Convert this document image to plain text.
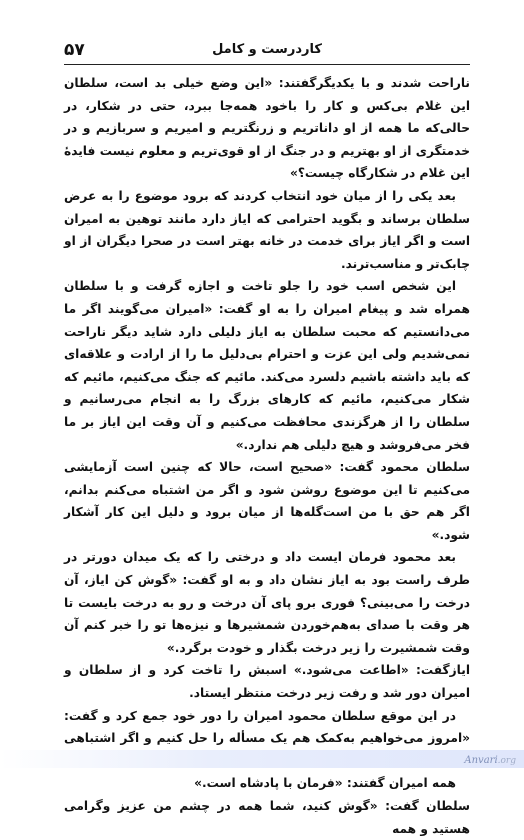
۵۷	کاردرست و کامل

ناراحت شدند و با یکدیگرگفتند: «این وضع خیلی بد است، سلطان این غلام بی‌کس و کار را باخود همه‌جا ببرد، حتی در شکار، در حالی‌که ما همه از او داناتریم و زرنگتریم و امیریم و سرباز‌یم و در خدمتگری از او بهتریم و در جنگ از او قوی‌تریم و معلوم نیست فایدهٔ این غلام در شکارگاه چیست؟»

بعد یکی را از میان خود انتخاب کردند که برود موضوع را به عرض سلطان برساند و بگوید احترامی که ایاز دارد مانند توهین به امیران است و اگر ایاز برای خدمت در خانه بهتر است در صحرا دیگران از او چابک‌تر و مناسب‌ترند.

این شخص اسب خود را جلو تاخت و اجازه گرفت و با سلطان همراه شد و پیغام امیران را به او گفت: «امیران می‌گویند اگر ما می‌دانستیم که محبت سلطان به ایاز دلیلی دارد شاید دیگر ناراحت نمی‌شدیم ولی این عزت و احترام بی‌دلیل ما را از ارادت و علاقه‌ای که باید داشته باشیم دلسرد می‌کند. مائیم که جنگ می‌کنیم، مائیم که شکار می‌کنیم، مائیم که کارهای بزرگ را به انجام می‌رسانیم و سلطان را از هرگزندی محافظت می‌کنیم و آن وقت این ایاز بر ما فخر می‌فروشد و هیچ دلیلی هم ندارد.»

سلطان محمود گفت: «صحیح است، حالا که چنین است آزمایشی می‌کنیم تا این موضوع روشن شود و اگر من اشتباه می‌کنم بدانم، اگر هم حق با من است‌گله‌ها از میان برود و دلیل این کار آشکار شود.»

بعد محمود فرمان ایست داد و درختی را که یک میدان دورتر در طرف راست بود به ایاز نشان داد و به او گفت: «گوش کن ایاز، آن درخت را می‌بینی؟ فوری برو پای آن درخت و رو به درخت بایست تا هر وقت با صدای به‌هم‌خوردن شمشیرها و نیزه‌ها تو را خبر کنم آن وقت شمشیرت را زیر درخت بگذار و خودت برگرد.»

ایازگفت: «اطاعت می‌شود.» اسبش را تاخت کرد و از سلطان و امیران دور شد و رفت زیر درخت منتظر ایستاد.

در این موقع سلطان محمود امیران را دور خود جمع کرد و گفت: «امروز می‌خواهیم به‌کمک هم یک مسأله را حل کنیم و اگر اشتباهی

همه امیران گفتند: «فرمان با پادشاه است.»

سلطان گفت: «گوش کنید، شما همه در چشم من عزیز وگرامی هستید و همه

Anvari.org
